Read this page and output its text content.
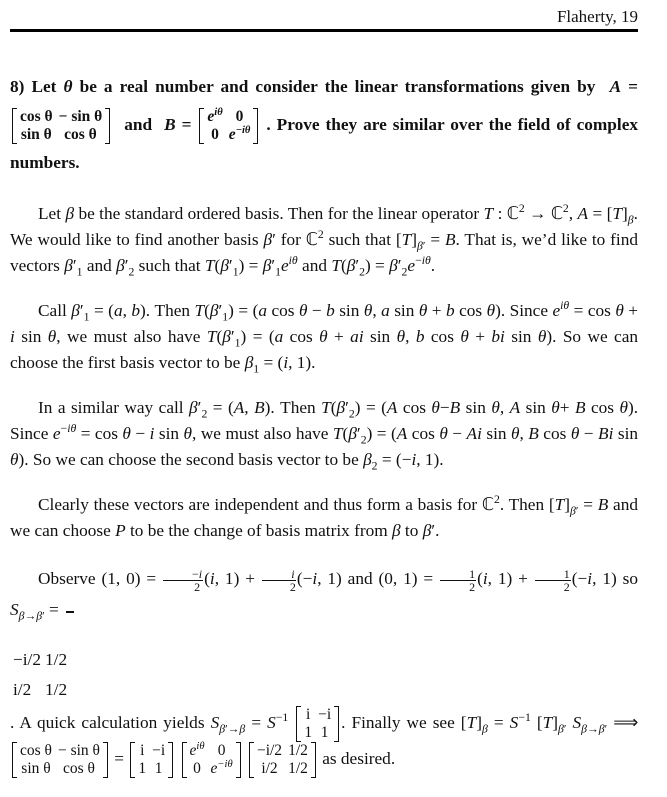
Flaherty, 19
8) Let θ be a real number and consider the linear transformations given by A =
cos θ	− sin θ
sin θ	cos θ
and $B = e^{i\theta}$	0
0	$e^{-i\theta}$ . Prove they are similar over the field of complex numbers.

Let β be the standard ordered basis. Then for the linear operator T : ℂ$^2$ → ℂ$^2$, $A = [T]_\beta$. We would like to find another basis β′ for ℂ$^2$ such that $[T]_{\beta'} = B$. That is, we’d like to find vectors $\beta'_1$ and $\beta'_2$ such that $T(\beta'_1) = \beta'_1e^{i\theta}$ and $T(\beta'_2) = \beta'_2e^{-i\theta}$.

Call $\beta'_1 = (a$, b). Then $T(\beta'_1) = (a$ cos θ − b sin θ, a sin θ + b cos θ). Since $e^{i\theta} = \cos \theta + i$ sin θ, we must also have $T(\beta'_1) = (a$ cos θ + ai sin θ, b cos θ + bi sin θ). So we can choose the first basis vector to be $\beta_1 = (i$, 1).

In a similar way call $\beta'_2 = (A$, B). Then $T(\beta'_2) = (A$ cos θ−B sin θ, A sin θ+ B cos θ). Since $e^{-i\theta} = \cos \theta - i$ sin θ, we must also have $T(\beta'_2) = (A$ cos θ − Ai sin θ, B cos θ − Bi sin θ). So we can choose the second basis vector to be $\beta_2 = (-i$, 1).

Clearly these vectors are independent and thus form a basis for ℂ$^2$. Then $[T]_{\beta'} = B$ and we can choose P to be the change of basis matrix from β to β′.

Observe (1, $0) = \frac{-i}{2} (i$, $1) + \frac{i}{2} (-i$, 1) and (0, $1) = \frac{1}{2} (i$, $1) + \frac{1}{2} (-i$, 1) so $S_{\beta\to\beta'}$ =

−i/2	1/2
i/2	1/2
. A quick calculation yields $S_{\beta'\to\beta} = S^{-1}$ i	−i
1	1
. Finally we see $[T]_\beta = S^{-1}$ $[T]_{\beta'}$ $S_{\beta\to\beta'}$ ⟹
cos θ	− sin θ
sin θ	cos θ
= i	−i
1	1

$e^{i\theta}$	0
0	$e^{-i\theta}$

−i/2	1/2
i/2	1/2
as desired.
